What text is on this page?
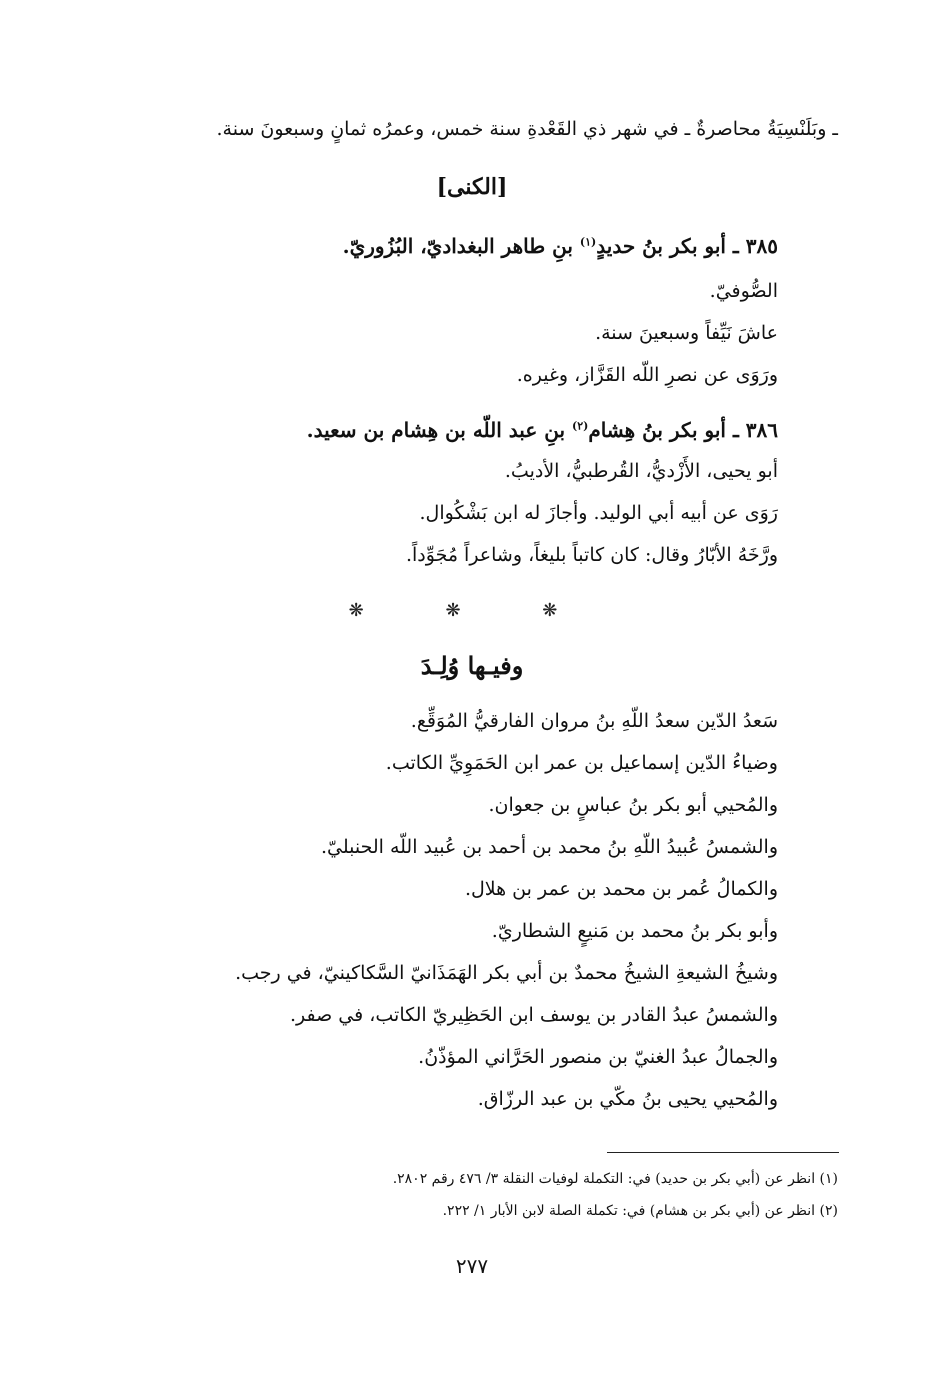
ـ وبَلَنْسِيَةُ محاصرةٌ ـ في شهر ذي القَعْدةِ سنة خمس، وعمرُه ثمانٍ وسبعونَ سنة.
[الكنى]
٣٨٥ ـ أبو بكر بنُ حديدٍ$^{(١)}$ بنِ طاهر البغداديّ، البُزُوريّ.
الصُّوفيّ.
عاشَ نَيِّفاً وسبعينَ سنة.
ورَوَى عن نصرِ اللّه القَزَّاز، وغيره.
٣٨٦ ـ أبو بكر بنُ هِشام$^{(٢)}$ بنِ عبد اللّه بن هِشام بن سعيد.
أبو يحيى، الأَزْديُّ، القُرطبيُّ، الأديبُ.
رَوَى عن أبيه أبي الوليد. وأجازَ له ابن بَشْكُوال.
ورَّخَهُ الأبّارُ وقال: كان كاتباً بليغاً، وشاعراً مُجَوِّداً.
❋ ❋ ❋
وفيـها وُلِـدَ
سَعدُ الدّين سعدُ اللّهِ بنُ مروان الفارقيُّ المُوَقِّع.
وضياءُ الدّين إسماعيل بن عمر ابن الحَمَوِيِّ الكاتب.
والمُحيي أبو بكر بنُ عباسٍ بن جعوان.
والشمسُ عُبيدُ اللّهِ بنُ محمد بن أحمد بن عُبيد اللّه الحنبليّ.
والكمالُ عُمر بن محمد بن عمر بن هلال.
وأبو بكر بنُ محمد بن مَنيعٍ الشطاريّ.
وشيخُ الشيعةِ الشيخُ محمدٌ بن أبي بكر الهَمَذَانيّ السَّكاكينيّ، في رجب.
والشمسُ عبدُ القادر بن يوسف ابن الحَظِيريّ الكاتب، في صفر.
والجمالُ عبدُ الغنيّ بن منصور الحَرَّاني المؤذّنُ.
والمُحيي يحيى بنُ مكّي بن عبد الرزّاق.
(١) انظر عن (أبي بكر بن حديد) في: التكملة لوفيات النقلة ٣/ ٤٧٦ رقم ٢٨٠٢.
(٢) انظر عن (أبي بكر بن هشام) في: تكملة الصلة لابن الأبار ١/ ٢٢٢.
٢٧٧
